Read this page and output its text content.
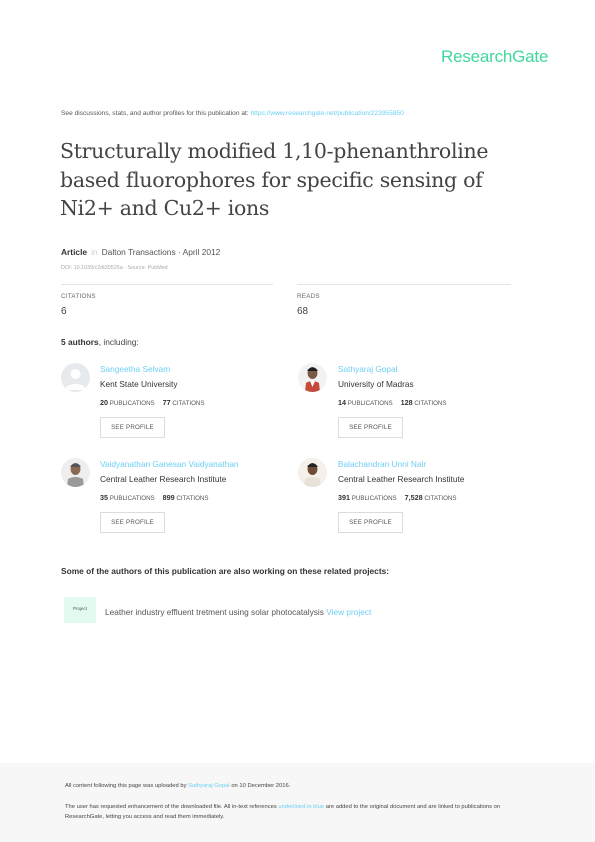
ResearchGate
See discussions, stats, and author profiles for this publication at: https://www.researchgate.net/publication/223955850
Structurally modified 1,10-phenanthroline based fluorophores for specific sensing of Ni2+ and Cu2+ ions
Article in Dalton Transactions · April 2012
DOI: 10.1039/c2dt30525a · Source: PubMed
CITATIONS
6
READS
68
5 authors, including:
Sangeetha Selvam
Kent State University
20 PUBLICATIONS 77 CITATIONS
SEE PROFILE
Sathyaraj Gopal
University of Madras
14 PUBLICATIONS 128 CITATIONS
SEE PROFILE
Vaidyanathan Ganesan Vaidyanathan
Central Leather Research Institute
35 PUBLICATIONS 899 CITATIONS
SEE PROFILE
Balachandran Unni Nair
Central Leather Research Institute
391 PUBLICATIONS 7,528 CITATIONS
SEE PROFILE
Some of the authors of this publication are also working on these related projects:
Project	Leather industry effluent tretment using solar photocatalysis View project
All content following this page was uploaded by Sathyaraj Gopal on 10 December 2016.
The user has requested enhancement of the downloaded file. All in-text references underlined in blue are added to the original document and are linked to publications on ResearchGate, letting you access and read them immediately.
